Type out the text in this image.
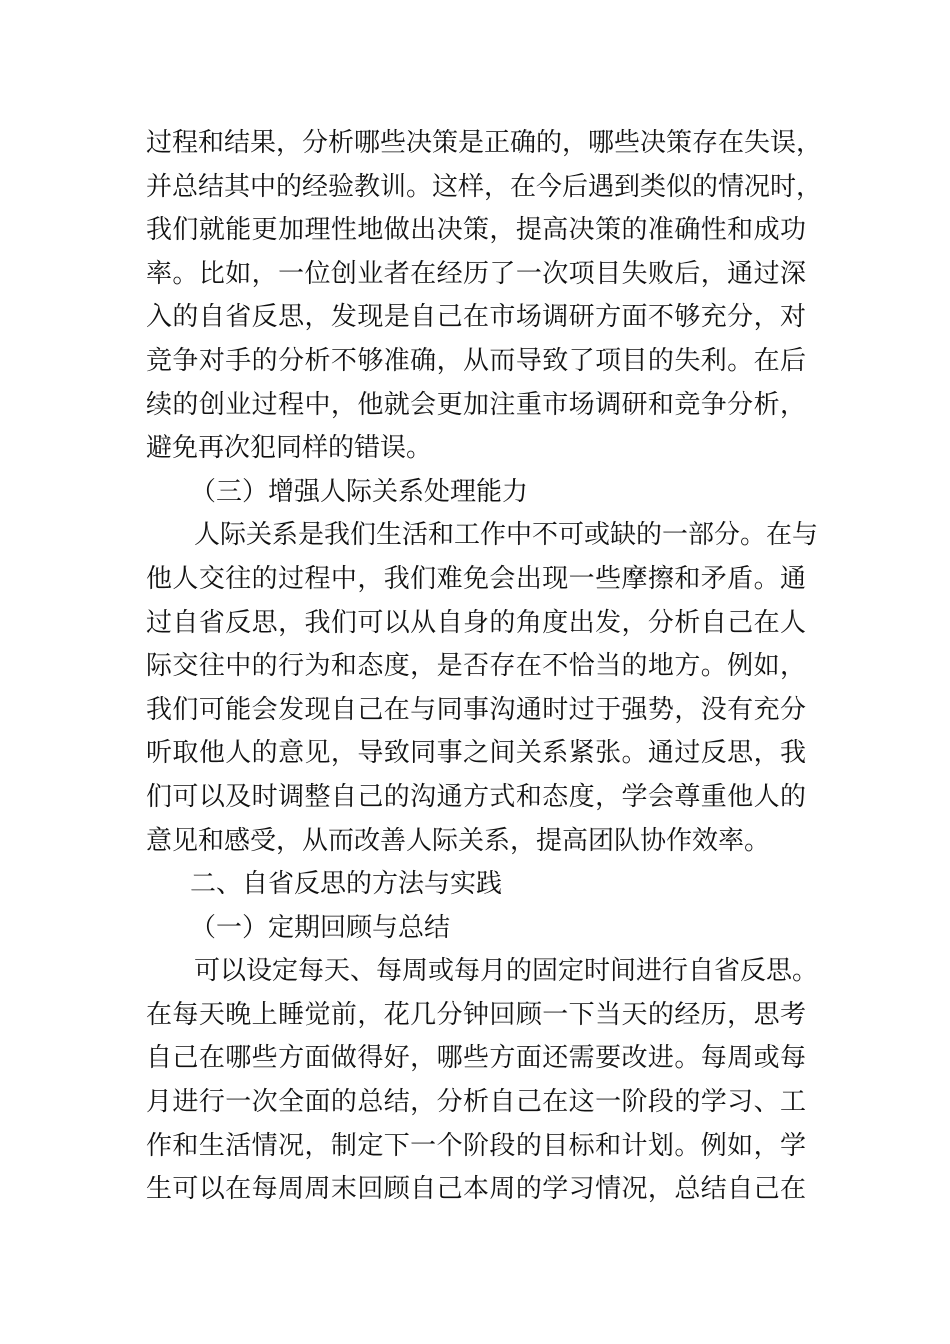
过程和结果，分析哪些决策是正确的，哪些决策存在失误，
并总结其中的经验教训。这样，在今后遇到类似的情况时，
我们就能更加理性地做出决策，提高决策的准确性和成功
率。比如，一位创业者在经历了一次项目失败后，通过深
入的自省反思，发现是自己在市场调研方面不够充分，对
竞争对手的分析不够准确，从而导致了项目的失利。在后
续的创业过程中，他就会更加注重市场调研和竞争分析，
避免再次犯同样的错误。
（三）增强人际关系处理能力
人际关系是我们生活和工作中不可或缺的一部分。在与
他人交往的过程中，我们难免会出现一些摩擦和矛盾。通
过自省反思，我们可以从自身的角度出发，分析自己在人
际交往中的行为和态度，是否存在不恰当的地方。例如，
我们可能会发现自己在与同事沟通时过于强势，没有充分
听取他人的意见，导致同事之间关系紧张。通过反思，我
们可以及时调整自己的沟通方式和态度，学会尊重他人的
意见和感受，从而改善人际关系，提高团队协作效率。
二、自省反思的方法与实践
（一）定期回顾与总结
可以设定每天、每周或每月的固定时间进行自省反思。
在每天晚上睡觉前，花几分钟回顾一下当天的经历，思考
自己在哪些方面做得好，哪些方面还需要改进。每周或每
月进行一次全面的总结，分析自己在这一阶段的学习、工
作和生活情况，制定下一个阶段的目标和计划。例如，学
生可以在每周周末回顾自己本周的学习情况，总结自己在
